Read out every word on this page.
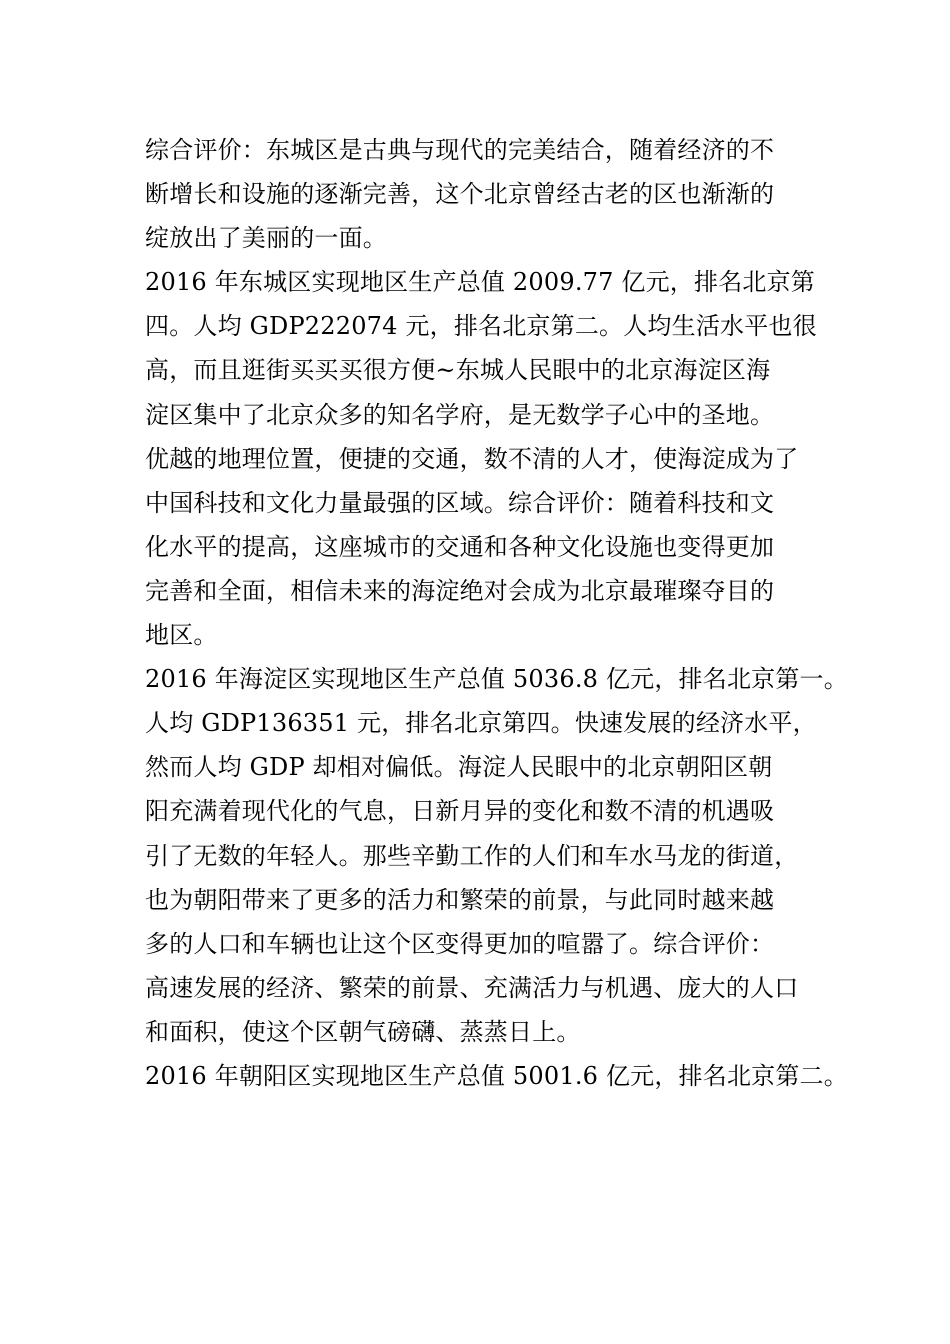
综合评价：东城区是古典与现代的完美结合，随着经济的不
断增长和设施的逐渐完善，这个北京曾经古老的区也渐渐的
绽放出了美丽的一面。
2016 年东城区实现地区生产总值 2009.77 亿元，排名北京第
四。人均 GDP222074 元，排名北京第二。人均生活水平也很
高，而且逛街买买买很方便~东城人民眼中的北京海淀区海
淀区集中了北京众多的知名学府，是无数学子心中的圣地。
优越的地理位置，便捷的交通，数不清的人才，使海淀成为了
中国科技和文化力量最强的区域。综合评价：随着科技和文
化水平的提高，这座城市的交通和各种文化设施也变得更加
完善和全面，相信未来的海淀绝对会成为北京最璀璨夺目的
地区。
2016 年海淀区实现地区生产总值 5036.8 亿元，排名北京第一。
人均 GDP136351 元，排名北京第四。快速发展的经济水平，
然而人均 GDP 却相对偏低。海淀人民眼中的北京朝阳区朝
阳充满着现代化的气息，日新月异的变化和数不清的机遇吸
引了无数的年轻人。那些辛勤工作的人们和车水马龙的街道，
也为朝阳带来了更多的活力和繁荣的前景，与此同时越来越
多的人口和车辆也让这个区变得更加的喧嚣了。综合评价：
高速发展的经济、繁荣的前景、充满活力与机遇、庞大的人口
和面积，使这个区朝气磅礴、蒸蒸日上。
2016 年朝阳区实现地区生产总值 5001.6 亿元，排名北京第二。
